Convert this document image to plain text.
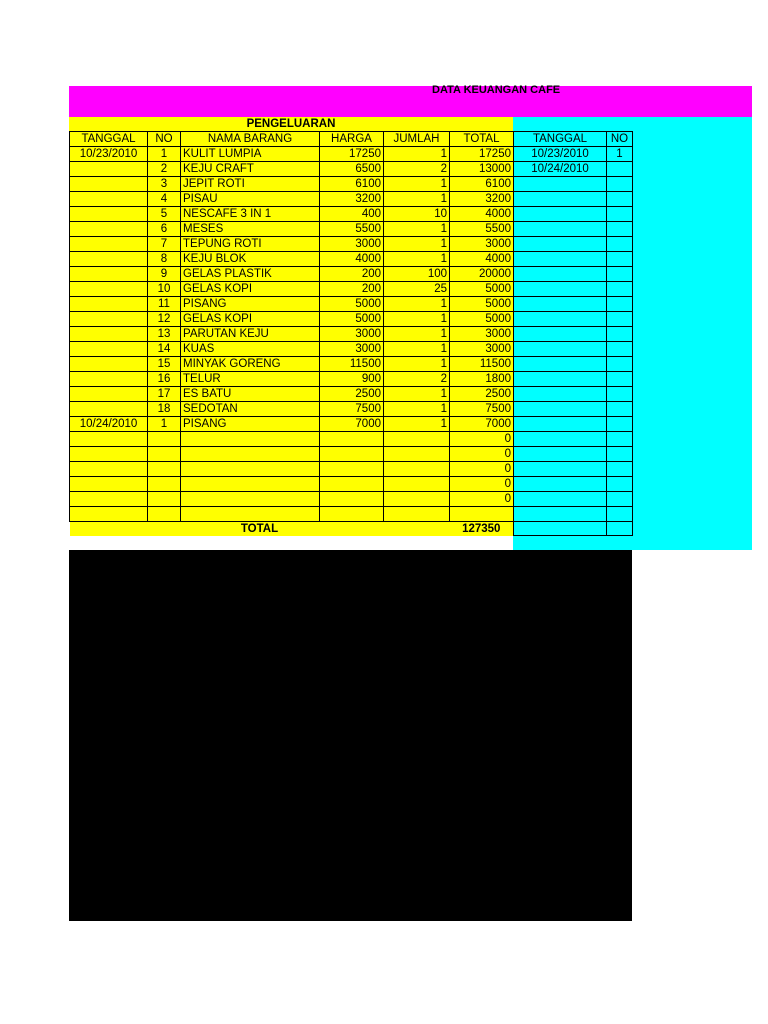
DATA KEUANGAN CAFE
PENGELUARAN
TANGGAL	NO	NAMA BARANG	HARGA	JUMLAH	TOTAL	TANGGAL	NO
10/23/2010	1	KULIT LUMPIA	17250	1	17250	10/23/2010	1
	2	KEJU CRAFT	6500	2	13000	10/24/2010	
	3	JEPIT ROTI	6100	1	6100		
	4	PISAU	3200	1	3200		
	5	NESCAFE 3 IN 1	400	10	4000		
	6	MESES	5500	1	5500		
	7	TEPUNG ROTI	3000	1	3000		
	8	KEJU BLOK	4000	1	4000		
	9	GELAS PLASTIK	200	100	20000		
	10	GELAS KOPI	200	25	5000		
	11	PISANG	5000	1	5000		
	12	GELAS KOPI	5000	1	5000		
	13	PARUTAN KEJU	3000	1	3000		
	14	KUAS	3000	1	3000		
	15	MINYAK GORENG	11500	1	11500		
	16	TELUR	900	2	1800		
	17	ES BATU	2500	1	2500		
	18	SEDOTAN	7500	1	7500		
10/24/2010	1	PISANG	7000	1	7000		
					0		
					0		
					0		
					0		
					0		

TOTAL					127350		
